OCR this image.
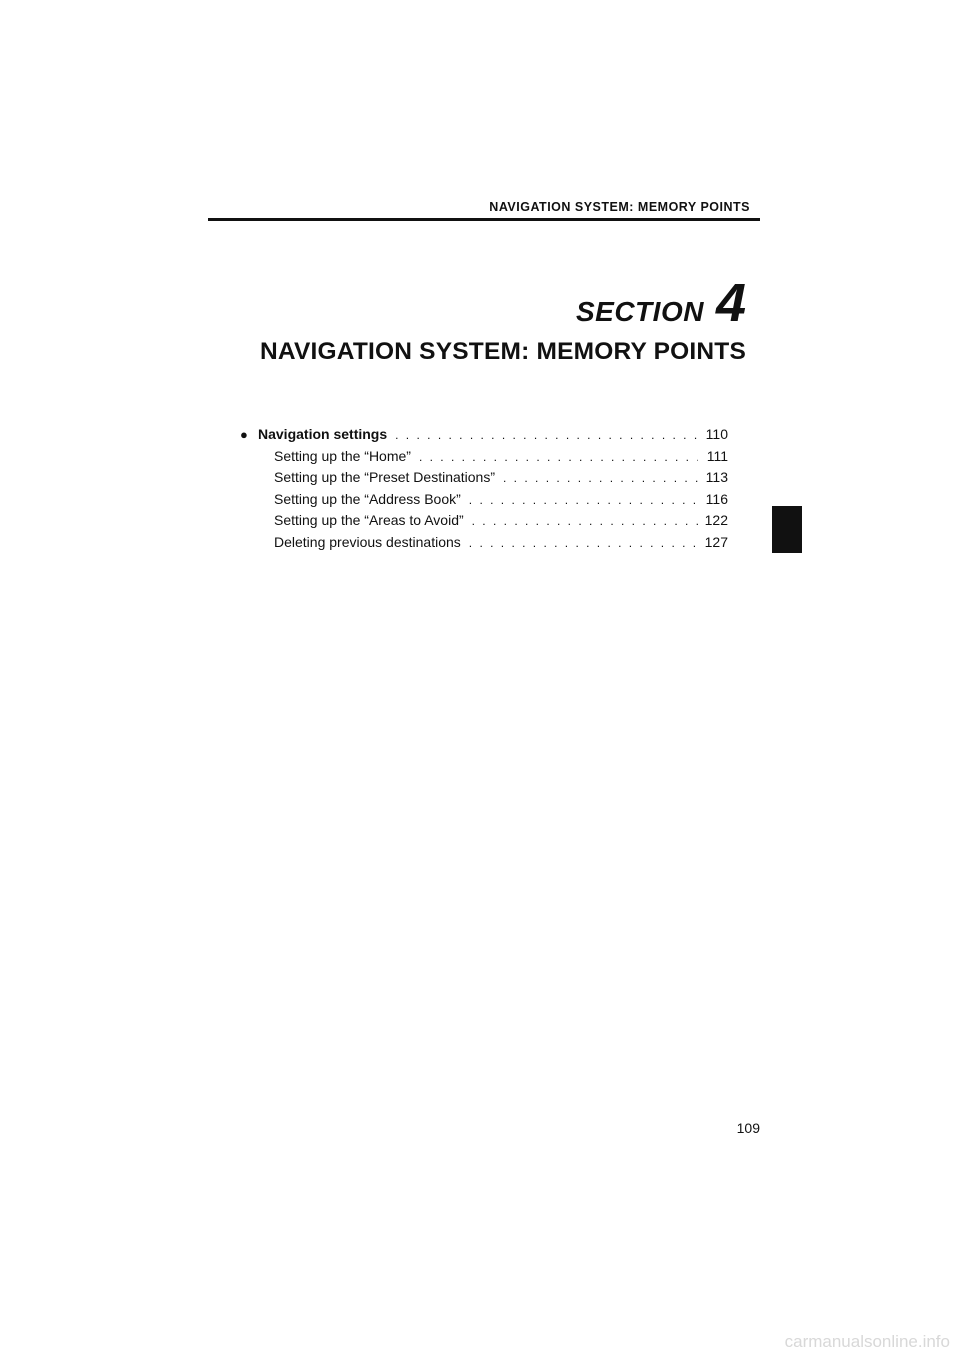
NAVIGATION SYSTEM: MEMORY POINTS
SECTION 4
NAVIGATION SYSTEM: MEMORY POINTS
● Navigation settings . . .	110
Setting up the “Home” . . .	111
Setting up the “Preset Destinations” . . .	113
Setting up the “Address Book” . . .	116
Setting up the “Areas to Avoid” . . .	122
Deleting previous destinations . . .	127
109
carmanualsonline.info
